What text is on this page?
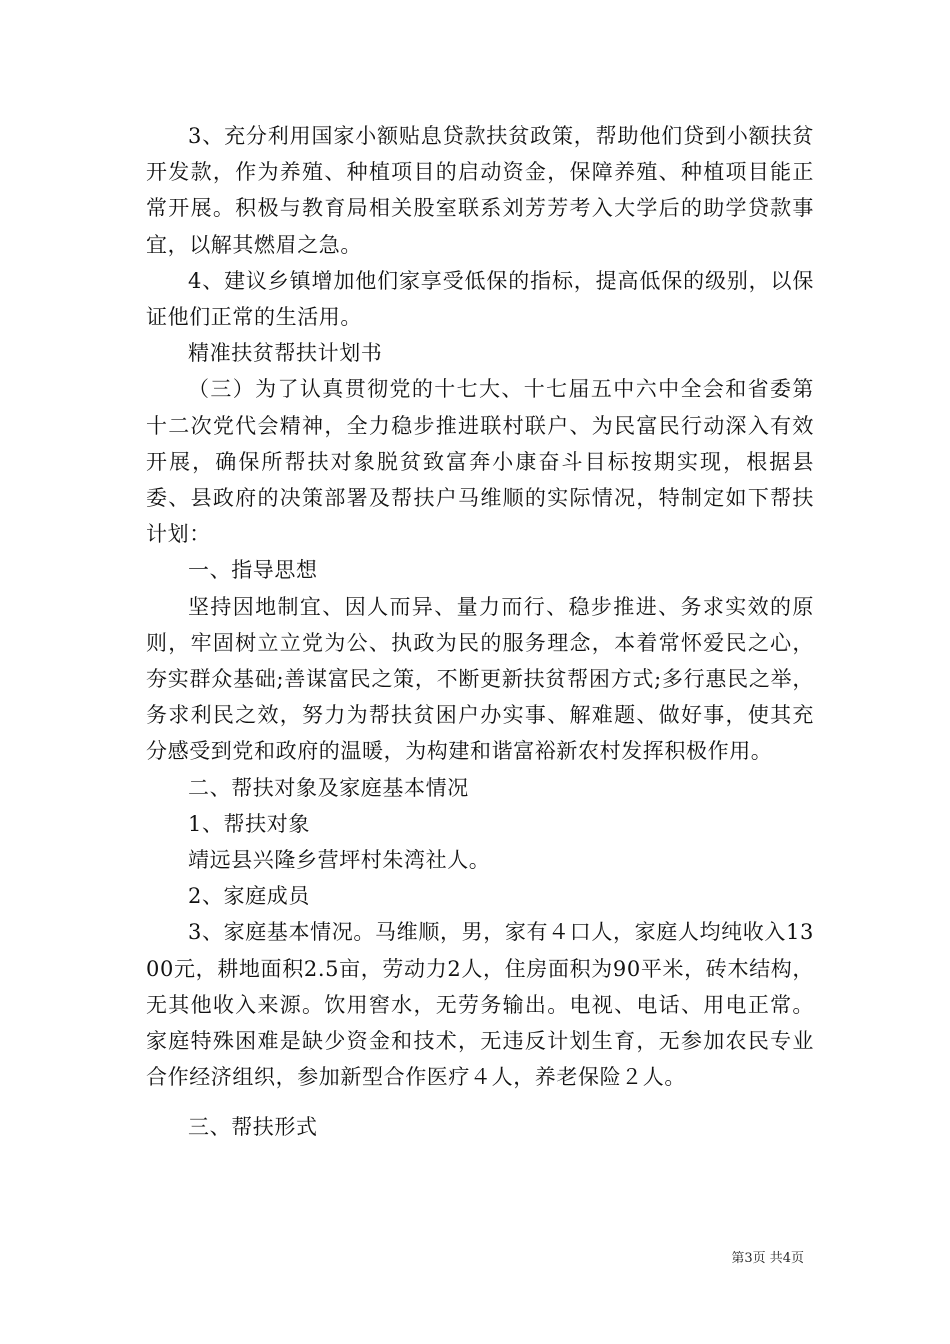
3、充分利用国家小额贴息贷款扶贫政策，帮助他们贷到小额扶贫开发款，作为养殖、种植项目的启动资金，保障养殖、种植项目能正常开展。积极与教育局相关股室联系刘芳芳考入大学后的助学贷款事宜，以解其燃眉之急。

4、建议乡镇增加他们家享受低保的指标，提高低保的级别，以保证他们正常的生活用。

精准扶贫帮扶计划书

（三）为了认真贯彻党的十七大、十七届五中六中全会和省委第十二次党代会精神，全力稳步推进联村联户、为民富民行动深入有效开展，确保所帮扶对象脱贫致富奔小康奋斗目标按期实现，根据县委、县政府的决策部署及帮扶户马维顺的实际情况，特制定如下帮扶计划：

一、指导思想

坚持因地制宜、因人而异、量力而行、稳步推进、务求实效的原则，牢固树立立党为公、执政为民的服务理念，本着常怀爱民之心，夯实群众基础;善谋富民之策，不断更新扶贫帮困方式;多行惠民之举，务求利民之效，努力为帮扶贫困户办实事、解难题、做好事，使其充分感受到党和政府的温暖，为构建和谐富裕新农村发挥积极作用。

二、帮扶对象及家庭基本情况

1、帮扶对象

靖远县兴隆乡营坪村朱湾社人。

2、家庭成员

3、家庭基本情况。马维顺，男，家有４口人，家庭人均纯收入1300元，耕地面积2.5亩，劳动力2人，住房面积为90平米，砖木结构，无其他收入来源。饮用窖水，无劳务输出。电视、电话、用电正常。家庭特殊困难是缺少资金和技术，无违反计划生育，无参加农民专业合作经济组织，参加新型合作医疗４人，养老保险２人。

三、帮扶形式

第3页 共4页
